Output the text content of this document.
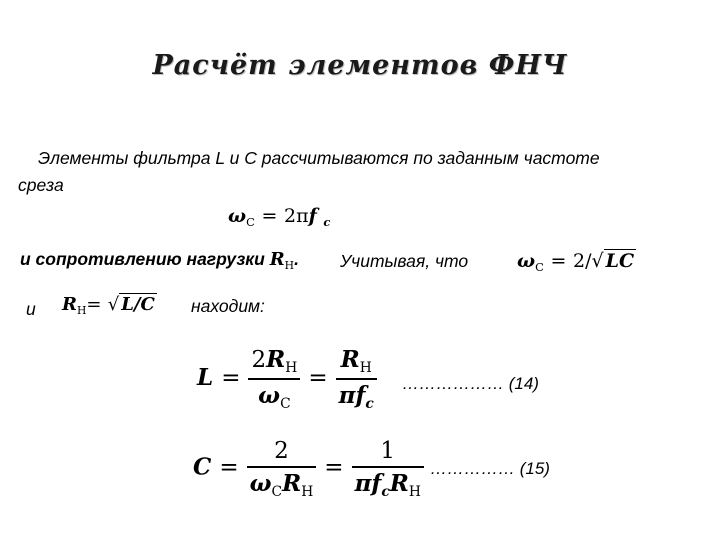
Расчёт элементов ФНЧ
Элементы фильтра L и C рассчитываются по заданным частоте
среза
$\omega_С = 2\pi f$ $_c$
и сопротивлению нагрузки $R_Н$. Учитывая, что	$\omega_С = 2/√$ LC
и $R_Н=$ √ L/C находим:
$L = \frac{2R_Н}{\omega_С} = \frac{R_Н}{\pi f_c}$ ……………… (14)
$C = \frac{2}{\omega_СR_Н} = \frac{1}{\pi f_cR_Н}$ …………… (15)
